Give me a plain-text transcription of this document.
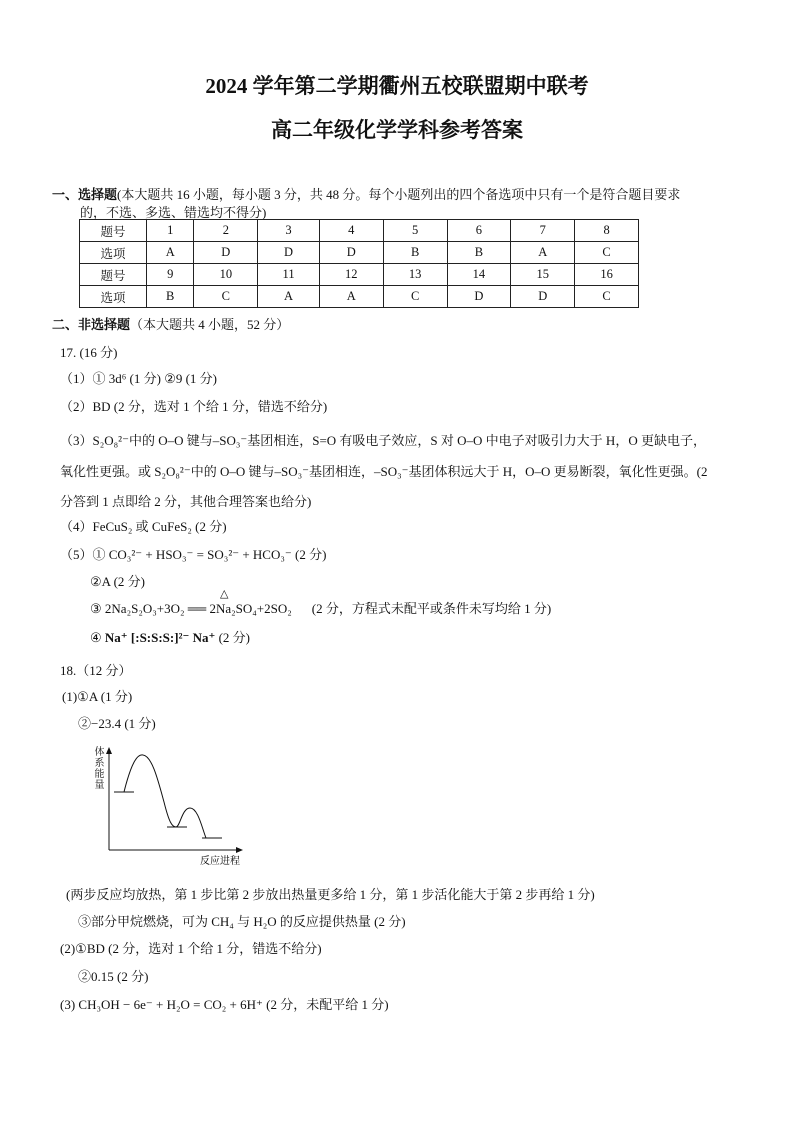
2024 学年第二学期衢州五校联盟期中联考
高二年级化学学科参考答案
一、选择题(本大题共 16 小题，每小题 3 分，共 48 分。每个小题列出的四个备选项中只有一个是符合题目要求
的，不选、多选、错选均不得分)
题号	1	2	3	4	5	6	7	8
选项	A	D	D	D	B	B	A	C
题号	9	10	11	12	13	14	15	16
选项	B	C	A	A	C	D	D	C
二、非选择题（本大题共 4 小题，52 分）
17. (16 分)
（1）① 3d⁶ (1 分) ②9 (1 分)
（2）BD (2 分，选对 1 个给 1 分，错选不给分)
（3）S₂O₈²⁻中的 O–O 键与–SO₃⁻基团相连，S=O 有吸电子效应，S 对 O–O 中电子对吸引力大于 H，O 更缺电子，
氧化性更强。或 S₂O₈²⁻中的 O–O 键与–SO₃⁻基团相连，–SO₃⁻基团体积远大于 H，O–O 更易断裂，氧化性更强。(2
分答到 1 点即给 2 分，其他合理答案也给分)
（4）FeCuS₂ 或 CuFeS₂ (2 分)
（5）① CO₃²⁻ + HSO₃⁻ = SO₃²⁻ + HCO₃⁻ (2 分)
②A (2 分)
③ 2Na₂S₂O₃+3O₂ ══ 2Na₂SO₄+2SO₂
△
(2 分，方程式未配平或条件未写均给 1 分)
④ Na⁺ [:S:S:S:]²⁻ Na⁺ (2 分)
18.（12 分）
(1)①A (1 分)
②−23.4 (1 分)
反应进程
体系能量
(两步反应均放热，第 1 步比第 2 步放出热量更多给 1 分，第 1 步活化能大于第 2 步再给 1 分)
③部分甲烷燃烧，可为 CH₄ 与 H₂O 的反应提供热量 (2 分)
(2)①BD (2 分，选对 1 个给 1 分，错选不给分)
②0.15 (2 分)
(3) CH₃OH − 6e⁻ + H₂O = CO₂ + 6H⁺ (2 分，未配平给 1 分)
